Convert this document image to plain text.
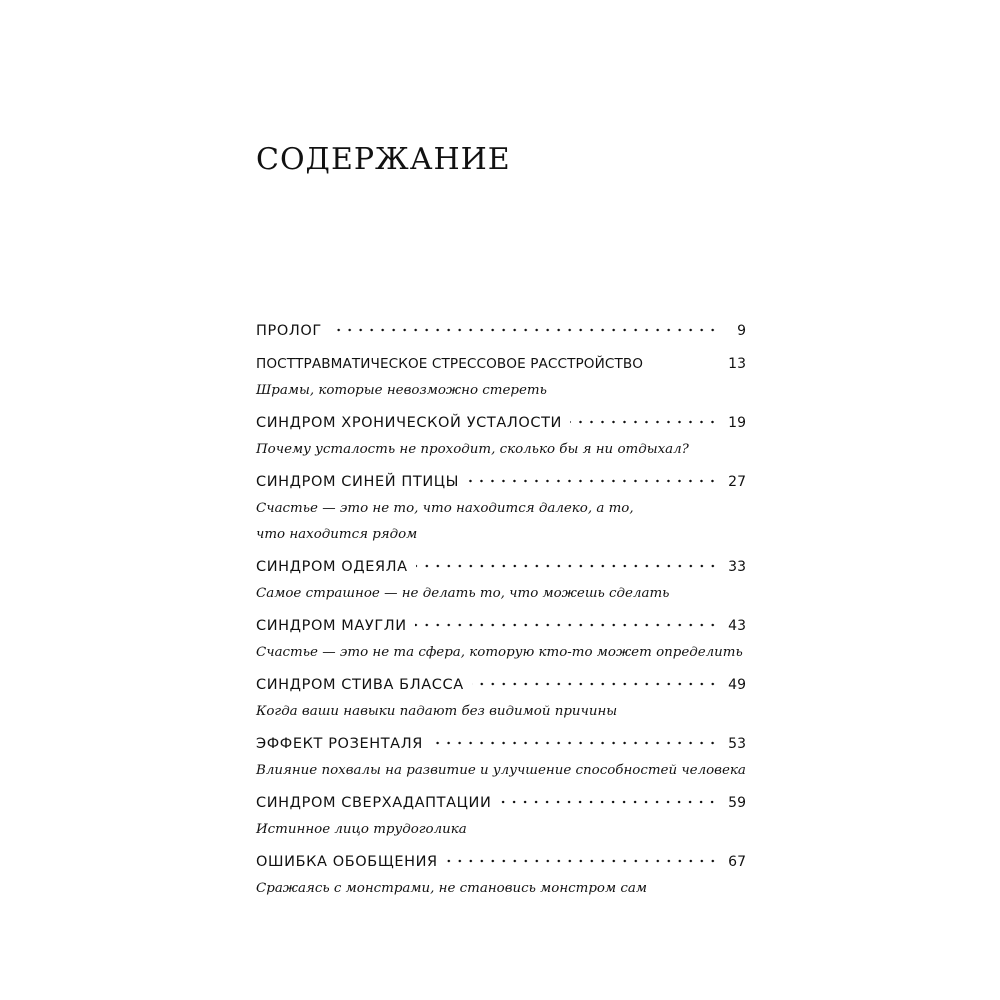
СОДЕРЖАНИЕ
ПРОЛОГ	9
ПОСТТРАВМАТИЧЕСКОЕ СТРЕССОВОЕ РАССТРОЙСТВО	13
Шрамы, которые невозможно стереть
СИНДРОМ ХРОНИЧЕСКОЙ УСТАЛОСТИ	19
Почему усталость не проходит, сколько бы я ни отдыхал?
СИНДРОМ СИНЕЙ ПТИЦЫ	27
Счастье — это не то, что находится далеко, а то,
что находится рядом
СИНДРОМ ОДЕЯЛА	33
Самое страшное — не делать то, что можешь сделать
СИНДРОМ МАУГЛИ	43
Счастье — это не та сфера, которую кто-то может определить
СИНДРОМ СТИВА БЛАССА	49
Когда ваши навыки падают без видимой причины
ЭФФЕКТ РОЗЕНТАЛЯ	53
Влияние похвалы на развитие и улучшение способностей человека
СИНДРОМ СВЕРХАДАПТАЦИИ	59
Истинное лицо трудоголика
ОШИБКА ОБОБЩЕНИЯ	67
Сражаясь с монстрами, не становись монстром сам
